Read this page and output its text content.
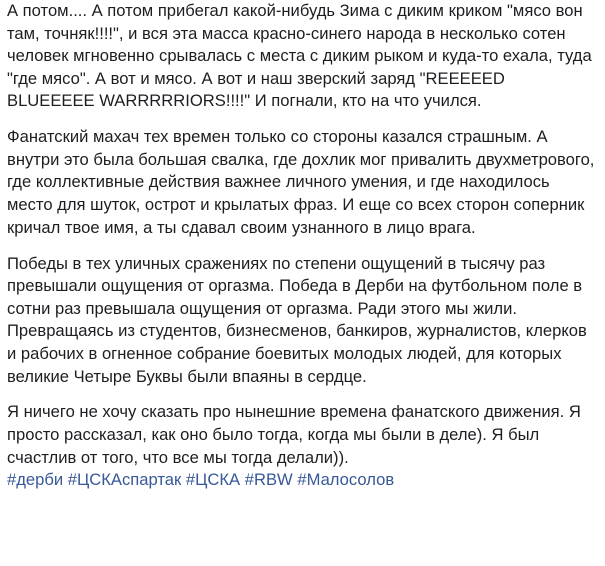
А потом.... А потом прибегал какой-нибудь Зима с диким криком "мясо вон там, точняк!!!!", и вся эта масса красно-синего народа в несколько сотен человек мгновенно срывалась с места с диким рыком и куда-то ехала, туда "где мясо". А вот и мясо. А вот и наш зверский заряд "REEEEED BLUEEEEE WARRRRRIORS!!!!" И погнали, кто на что учился.

Фанатский махач тех времен только со стороны казался страшным. А внутри это была большая свалка, где дохлик мог привалить двухметрового, где коллективные действия важнее личного умения, и где находилось место для шуток, острот и крылатых фраз. И еще со всех сторон соперник кричал твое имя, а ты сдавал своим узнанного в лицо врага.

Победы в тех уличных сражениях по степени ощущений в тысячу раз превышали ощущения от оргазма. Победа в Дерби на футбольном поле в сотни раз превышала ощущения от оргазма. Ради этого мы жили. Превращаясь из студентов, бизнесменов, банкиров, журналистов, клерков и рабочих в огненное собрание боевитых молодых людей, для которых великие Четыре Буквы были впаяны в сердце.

Я ничего не хочу сказать про нынешние времена фанатского движения. Я просто рассказал, как оно было тогда, когда мы были в деле). Я был счастлив от того, что все мы тогда делали)).
#дерби #ЦСКАспартак #ЦСКА #RBW #Малосолов
